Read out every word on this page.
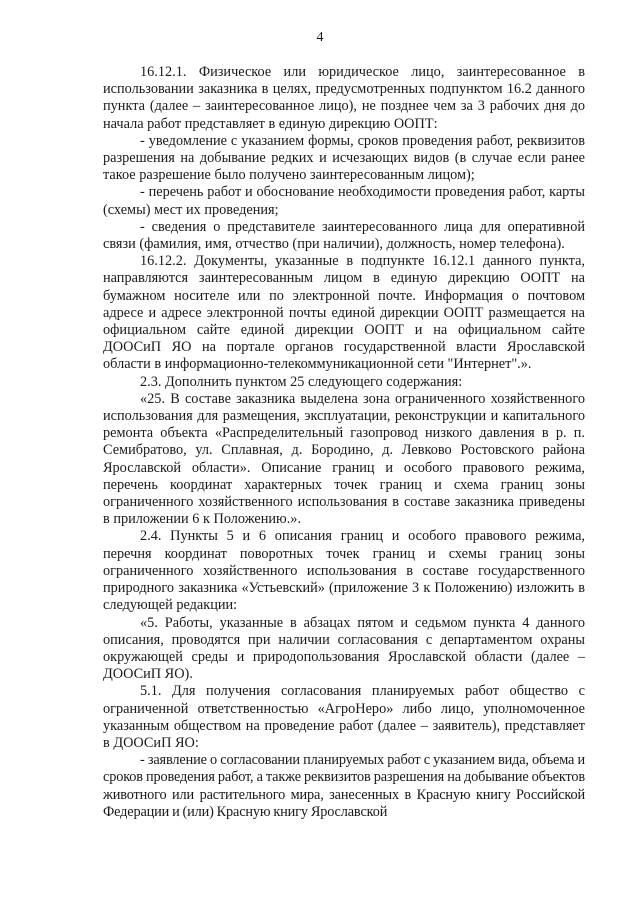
4

16.12.1. Физическое или юридическое лицо, заинтересованное в использовании заказника в целях, предусмотренных подпунктом 16.2 данного пункта (далее – заинтересованное лицо), не позднее чем за 3 рабочих дня до начала работ представляет в единую дирекцию ООПТ:

- уведомление с указанием формы, сроков проведения работ, реквизитов разрешения на добывание редких и исчезающих видов (в случае если ранее такое разрешение было получено заинтересованным лицом);

- перечень работ и обоснование необходимости проведения работ, карты (схемы) мест их проведения;

- сведения о представителе заинтересованного лица для оперативной связи (фамилия, имя, отчество (при наличии), должность, номер телефона).

16.12.2. Документы, указанные в подпункте 16.12.1 данного пункта, направляются заинтересованным лицом в единую дирекцию ООПТ на бумажном носителе или по электронной почте. Информация о почтовом адресе и адресе электронной почты единой дирекции ООПТ размещается на официальном сайте единой дирекции ООПТ и на официальном сайте ДООСиП ЯО на портале органов государственной власти Ярославской области в информационно-телекоммуникационной сети "Интернет".».

2.3. Дополнить пунктом 25 следующего содержания:

«25. В составе заказника выделена зона ограниченного хозяйственного использования для размещения, эксплуатации, реконструкции и капитального ремонта объекта «Распределительный газопровод низкого давления в р. п. Семибратово, ул. Сплавная, д. Бородино, д. Левково Ростовского района Ярославской области». Описание границ и особого правового режима, перечень координат характерных точек границ и схема границ зоны ограниченного хозяйственного использования в составе заказника приведены в приложении 6 к Положению.».

2.4. Пункты 5 и 6 описания границ и особого правового режима, перечня координат поворотных точек границ и схемы границ зоны ограниченного хозяйственного использования в составе государственного природного заказника «Устьевский» (приложение 3 к Положению) изложить в следующей редакции:

«5. Работы, указанные в абзацах пятом и седьмом пункта 4 данного описания, проводятся при наличии согласования с департаментом охраны окружающей среды и природопользования Ярославской области (далее – ДООСиП ЯО).

5.1. Для получения согласования планируемых работ общество с ограниченной ответственностью «АгроНеро» либо лицо, уполномоченное указанным обществом на проведение работ (далее – заявитель), представляет в ДООСиП ЯО:

- заявление о согласовании планируемых работ с указанием вида, объема и сроков проведения работ, а также реквизитов разрешения на добывание объектов животного или растительного мира, занесенных в Красную книгу Российской Федерации и (или) Красную книгу Ярославской
